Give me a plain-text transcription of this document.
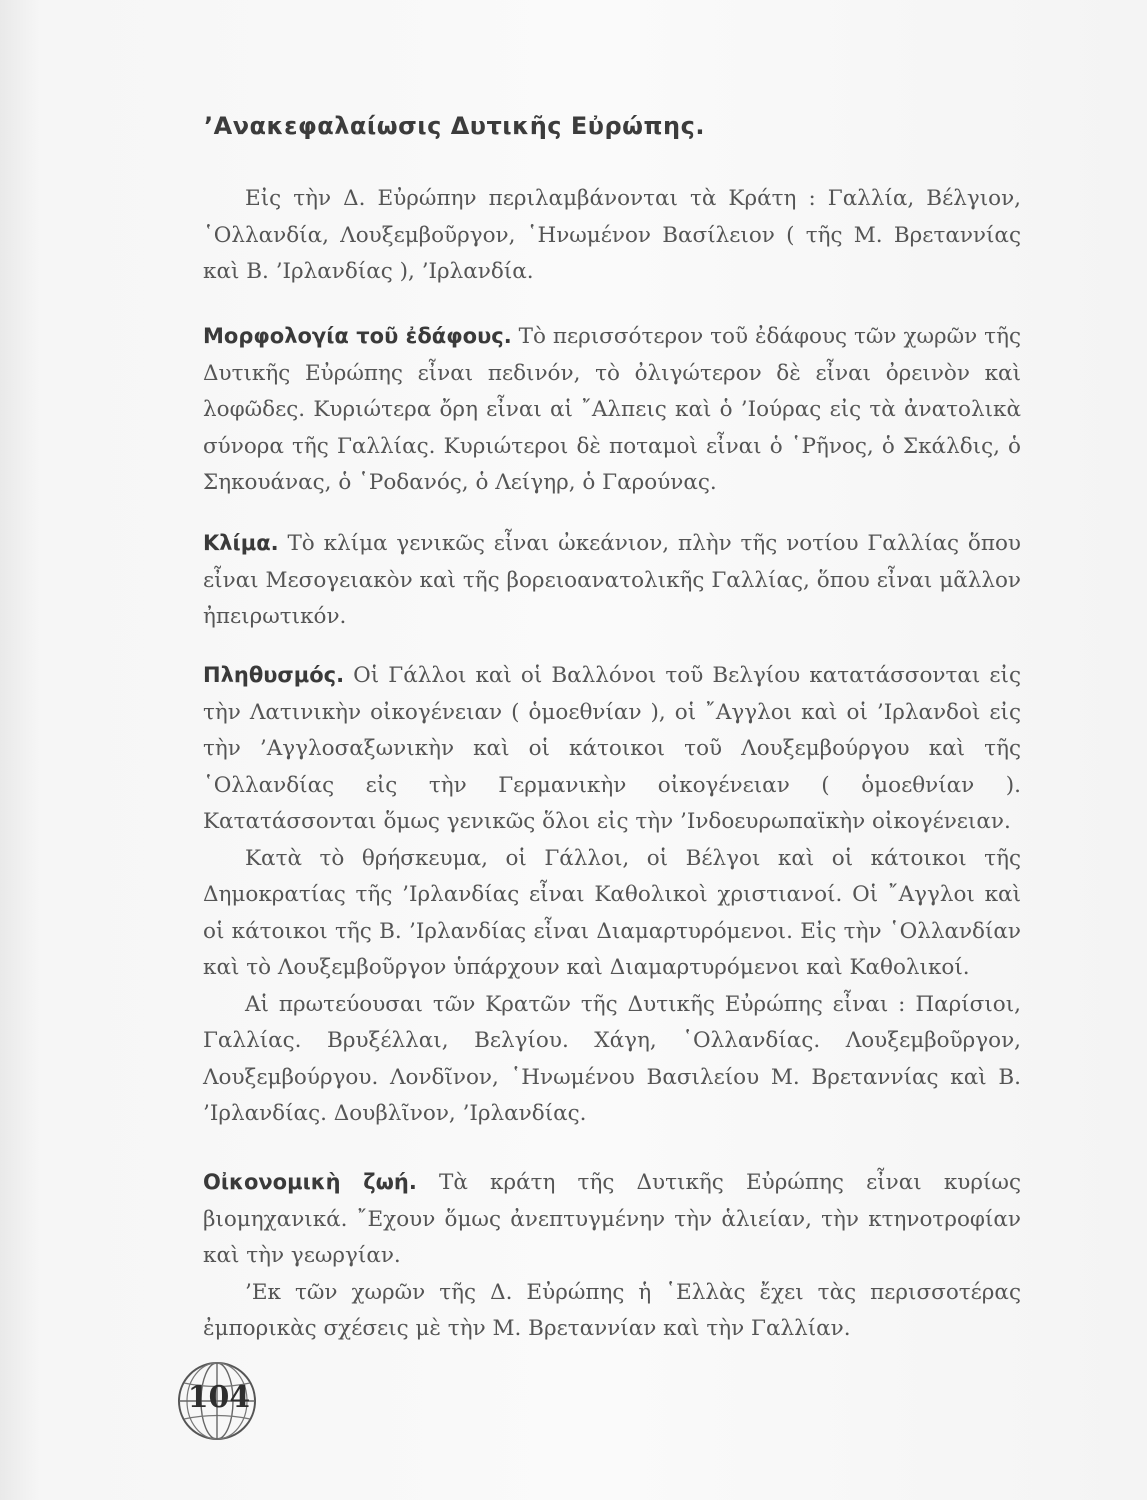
’Ανακεφαλαίωσις Δυτικῆς Εὐρώπης.

Εἰς τὴν Δ. Εὐρώπην περιλαμβάνονται τὰ Κράτη : Γαλλία, Βέλγιον, ῾Ολλανδία, Λουξεμβοῦργον, ῾Ηνωμένον Βασίλειον ( τῆς Μ. Βρεταννίας καὶ Β. ’Ιρλανδίας ), ’Ιρλανδία.

Μορφολογία τοῦ ἐδάφους. Τὸ περισσότερον τοῦ ἐδάφους τῶν χωρῶν τῆς Δυτικῆς Εὐρώπης εἶναι πεδινόν, τὸ ὀλιγώτερον δὲ εἶναι ὀρεινὸν καὶ λοφῶδες. Κυριώτερα ὄρη εἶναι αἱ ῎Αλπεις καὶ ὁ ’Ιούρας εἰς τὰ ἀνατολικὰ σύνορα τῆς Γαλλίας. Κυριώτεροι δὲ ποταμοὶ εἶναι ὁ ῾Ρῆνος, ὁ Σκάλδις, ὁ Σηκουάνας, ὁ ῾Ροδανός, ὁ Λείγηρ, ὁ Γαρούνας.

Κλίμα. Τὸ κλίμα γενικῶς εἶναι ὠκεάνιον, πλὴν τῆς νοτίου Γαλλίας ὅπου εἶναι Μεσογειακὸν καὶ τῆς βορειοανατολικῆς Γαλλίας, ὅπου εἶναι μᾶλλον ἠπειρωτικόν.

Πληθυσμός. Οἱ Γάλλοι καὶ οἱ Βαλλόνοι τοῦ Βελγίου κατατάσσονται εἰς τὴν Λατινικὴν οἰκογένειαν ( ὁμοεθνίαν ), οἱ ῎Αγγλοι καὶ οἱ ’Ιρλανδοὶ εἰς τὴν ’Αγγλοσαξωνικὴν καὶ οἱ κάτοικοι τοῦ Λουξεμβούργου καὶ τῆς ῾Ολλανδίας εἰς τὴν Γερμανικὴν οἰκογένειαν ( ὁμοεθνίαν ). Κατατάσσονται ὅμως γενικῶς ὅλοι εἰς τὴν ’Ινδοευρωπαϊκὴν οἰκογένειαν.

Κατὰ τὸ θρήσκευμα, οἱ Γάλλοι, οἱ Βέλγοι καὶ οἱ κάτοικοι τῆς Δημοκρατίας τῆς ’Ιρλανδίας εἶναι Καθολικοὶ χριστιανοί. Οἱ ῎Αγγλοι καὶ οἱ κάτοικοι τῆς Β. ’Ιρλανδίας εἶναι Διαμαρτυρόμενοι. Εἰς τὴν ῾Ολλανδίαν καὶ τὸ Λουξεμβοῦργον ὑπάρχουν καὶ Διαμαρτυρόμενοι καὶ Καθολικοί.

Αἱ πρωτεύουσαι τῶν Κρατῶν τῆς Δυτικῆς Εὐρώπης εἶναι : Παρίσιοι, Γαλλίας. Βρυξέλλαι, Βελγίου. Χάγη, ῾Ολλανδίας. Λουξεμβοῦργον, Λουξεμβούργου. Λονδῖνον, ῾Ηνωμένου Βασιλείου Μ. Βρεταννίας καὶ Β. ’Ιρλανδίας. Δουβλῖνον, ’Ιρλανδίας.

Οἰκονομικὴ ζωή. Τὰ κράτη τῆς Δυτικῆς Εὐρώπης εἶναι κυρίως βιομηχανικά. ῎Εχουν ὅμως ἀνεπτυγμένην τὴν ἁλιείαν, τὴν κτηνοτροφίαν καὶ τὴν γεωργίαν.

’Εκ τῶν χωρῶν τῆς Δ. Εὐρώπης ἡ ῾Ελλὰς ἔχει τὰς περισσοτέρας ἐμπορικὰς σχέσεις μὲ τὴν Μ. Βρεταννίαν καὶ τὴν Γαλλίαν.

104
